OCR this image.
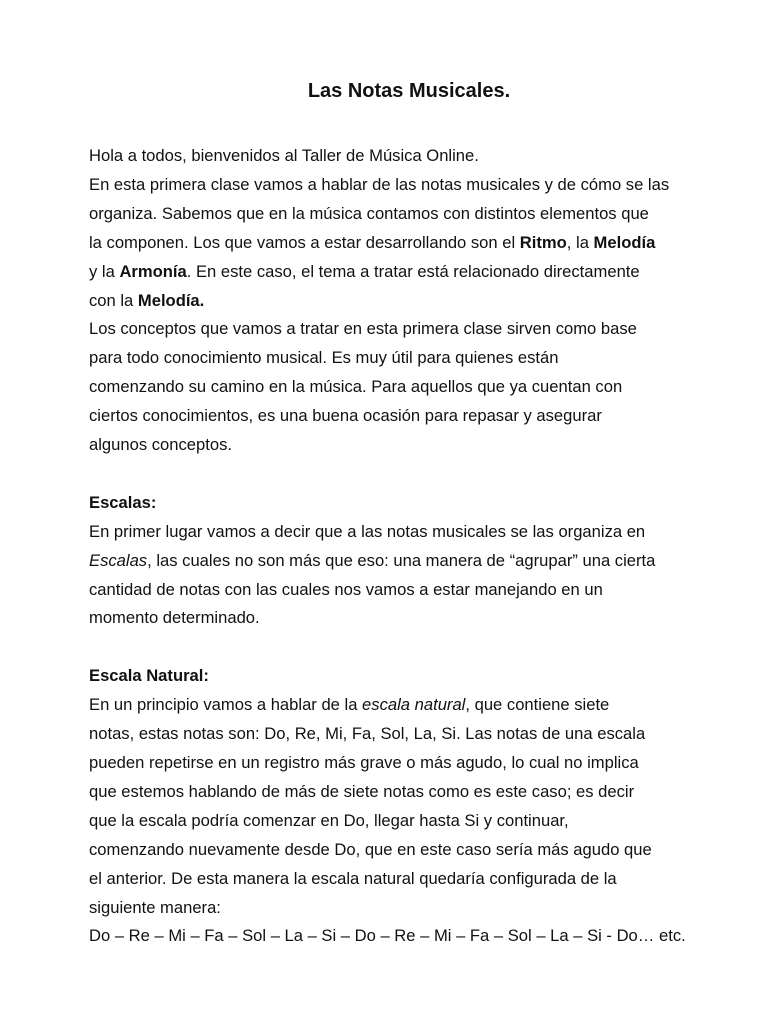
Las Notas Musicales.
Hola a todos, bienvenidos al Taller de Música Online.
En esta primera clase vamos a hablar de las notas musicales y de cómo se las
organiza. Sabemos que en la música contamos con distintos elementos que
la componen. Los que vamos a estar desarrollando son el Ritmo, la Melodía
y la Armonía. En este caso, el tema a tratar está relacionado directamente
con la Melodía.
Los conceptos que vamos a tratar en esta primera clase sirven como base
para todo conocimiento musical. Es muy útil para quienes están
comenzando su camino en la música. Para aquellos que ya cuentan con
ciertos conocimientos, es una buena ocasión para repasar y asegurar
algunos conceptos.
Escalas:
En primer lugar vamos a decir que a las notas musicales se las organiza en
Escalas, las cuales no son más que eso: una manera de “agrupar” una cierta
cantidad de notas con las cuales nos vamos a estar manejando en un
momento determinado.
Escala Natural:
En un principio vamos a hablar de la escala natural, que contiene siete
notas, estas notas son: Do, Re, Mi, Fa, Sol, La, Si. Las notas de una escala
pueden repetirse en un registro más grave o más agudo, lo cual no implica
que estemos hablando de más de siete notas como es este caso; es decir
que la escala podría comenzar en Do, llegar hasta Si y continuar,
comenzando nuevamente desde Do, que en este caso sería más agudo que
el anterior. De esta manera la escala natural quedaría configurada de la
siguiente manera:
Do – Re – Mi – Fa – Sol – La – Si – Do – Re – Mi – Fa – Sol – La – Si - Do… etc.
